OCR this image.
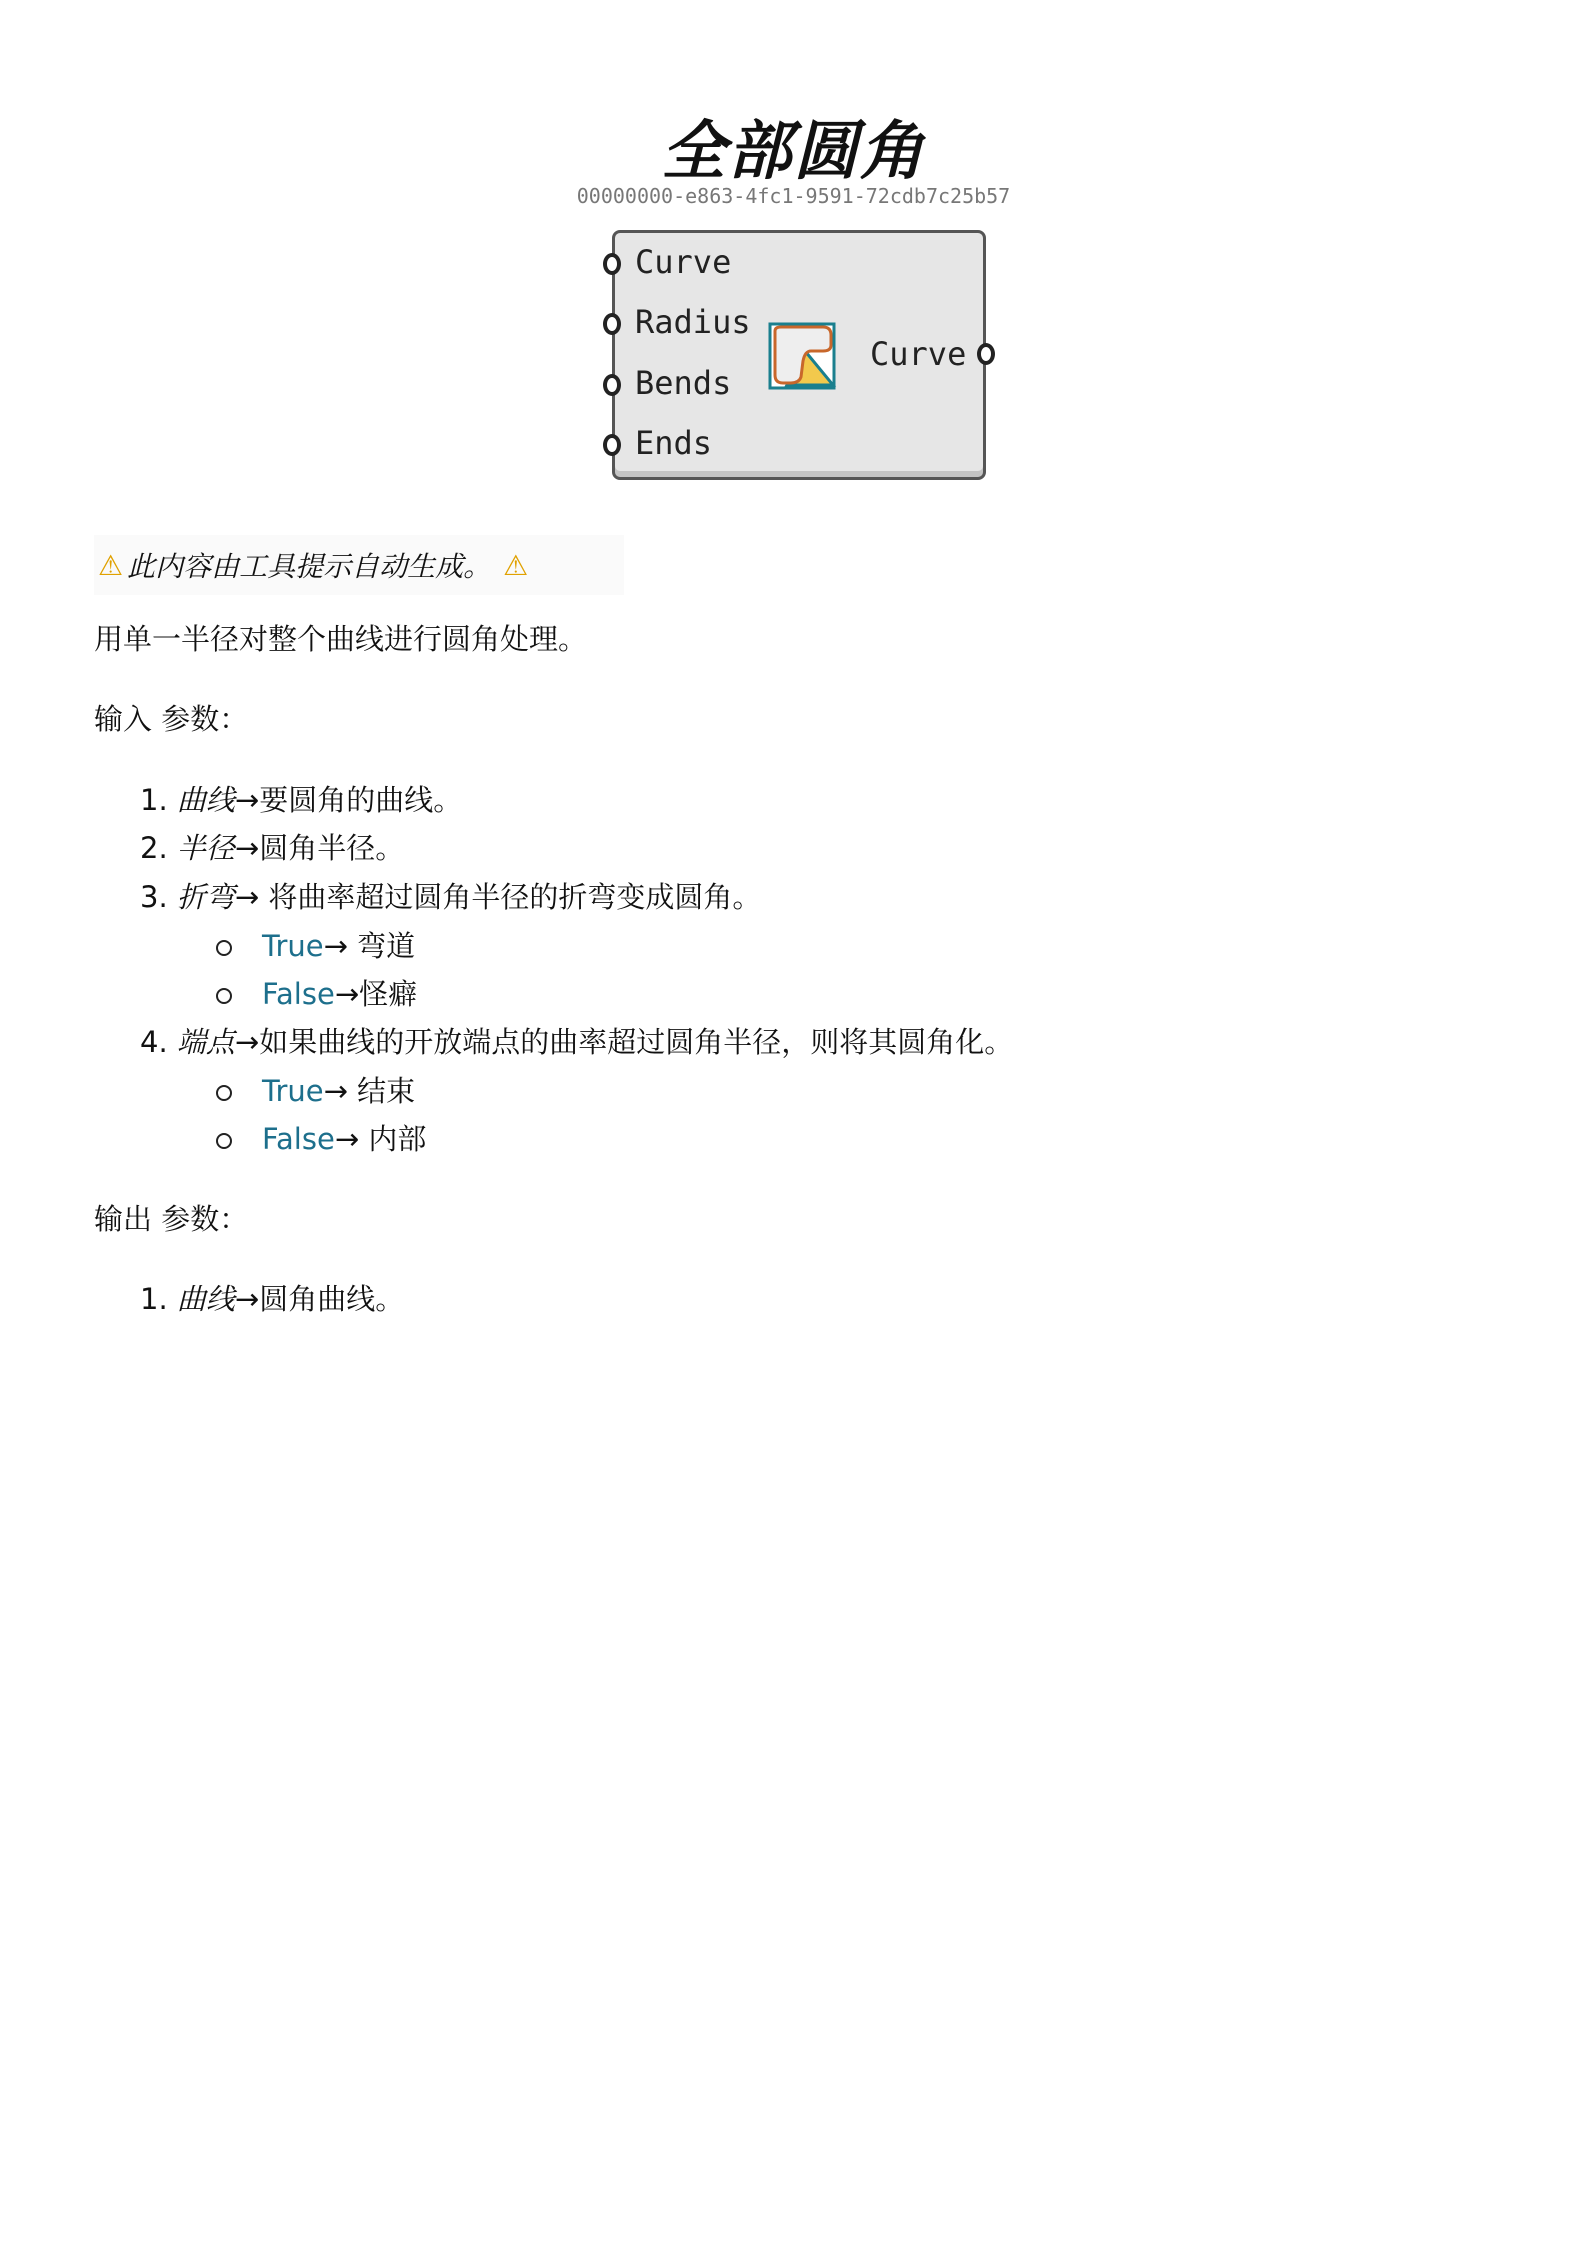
全部圆角
00000000-e863-4fc1-9591-72cdb7c25b57
Curve
Radius
Bends
Ends
Curve
⚠ 此内容由工具提示自动生成。 ⚠
用单一半径对整个曲线进行圆角处理。
输入 参数：
1. 曲线→要圆角的曲线。
2. 半径→圆角半径。
3. 折弯→ 将曲率超过圆角半径的折弯变成圆角。
True→ 弯道
False→怪癖
4. 端点→如果曲线的开放端点的曲率超过圆角半径，则将其圆角化。
True→ 结束
False→ 内部
输出 参数：
1. 曲线→圆角曲线。
